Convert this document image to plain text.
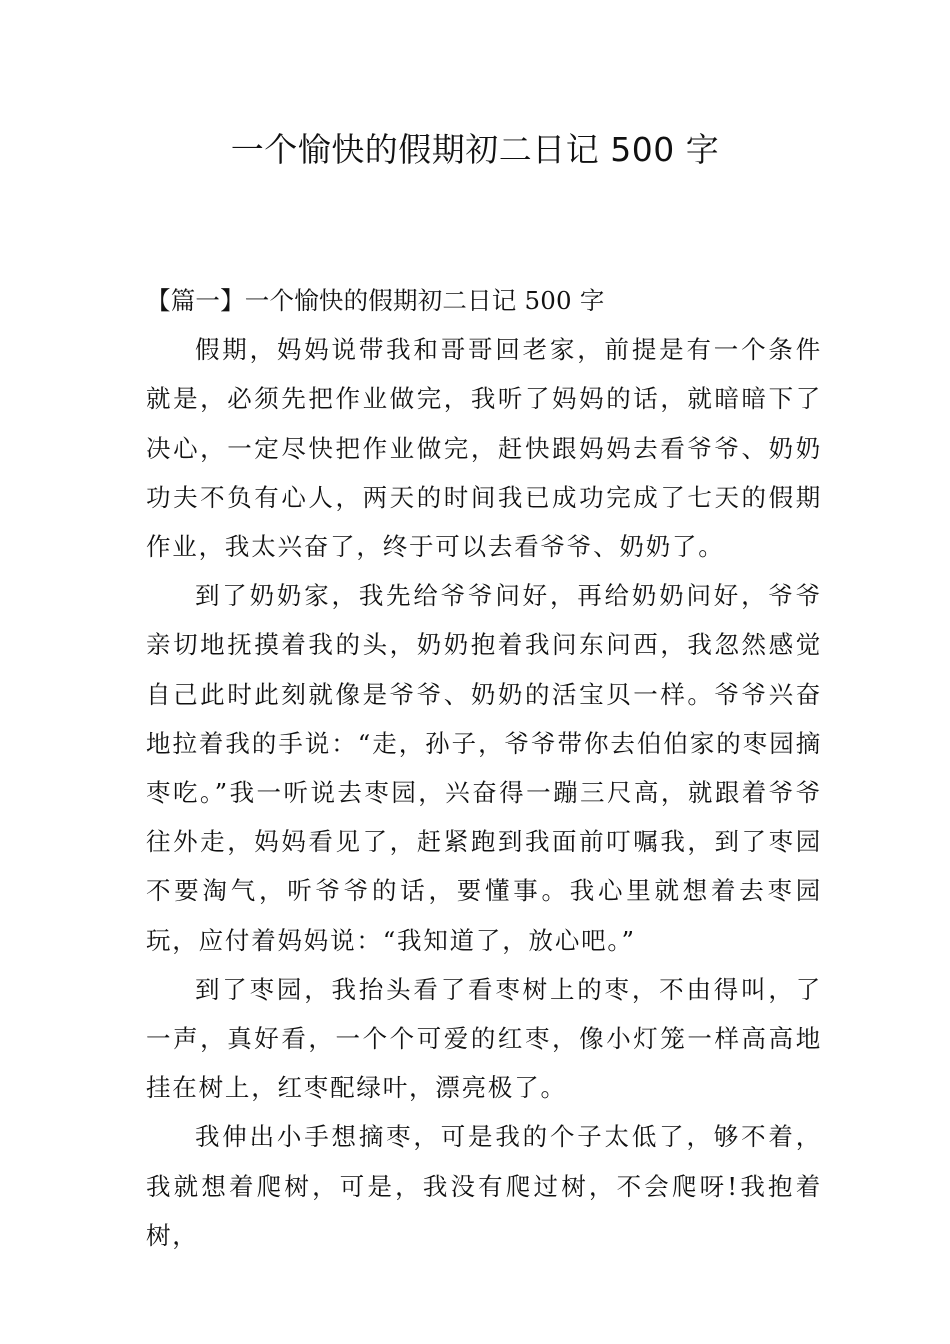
一个愉快的假期初二日记 500 字
【篇一】一个愉快的假期初二日记 500 字

假期，妈妈说带我和哥哥回老家，前提是有一个条件就是，必须先把作业做完，我听了妈妈的话，就暗暗下了决心，一定尽快把作业做完，赶快跟妈妈去看爷爷、奶奶功夫不负有心人，两天的时间我已成功完成了七天的假期作业，我太兴奋了，终于可以去看爷爷、奶奶了。

到了奶奶家，我先给爷爷问好，再给奶奶问好，爷爷亲切地抚摸着我的头，奶奶抱着我问东问西，我忽然感觉自己此时此刻就像是爷爷、奶奶的活宝贝一样。爷爷兴奋地拉着我的手说：“走，孙子，爷爷带你去伯伯家的枣园摘枣吃。”我一听说去枣园，兴奋得一蹦三尺高，就跟着爷爷往外走，妈妈看见了，赶紧跑到我面前叮嘱我，到了枣园不要淘气，听爷爷的话，要懂事。我心里就想着去枣园玩，应付着妈妈说：“我知道了，放心吧。”

到了枣园，我抬头看了看枣树上的枣，不由得叫，了一声，真好看，一个个可爱的红枣，像小灯笼一样高高地挂在树上，红枣配绿叶，漂亮极了。

我伸出小手想摘枣，可是我的个子太低了，够不着，我就想着爬树，可是，我没有爬过树，不会爬呀!我抱着树，
